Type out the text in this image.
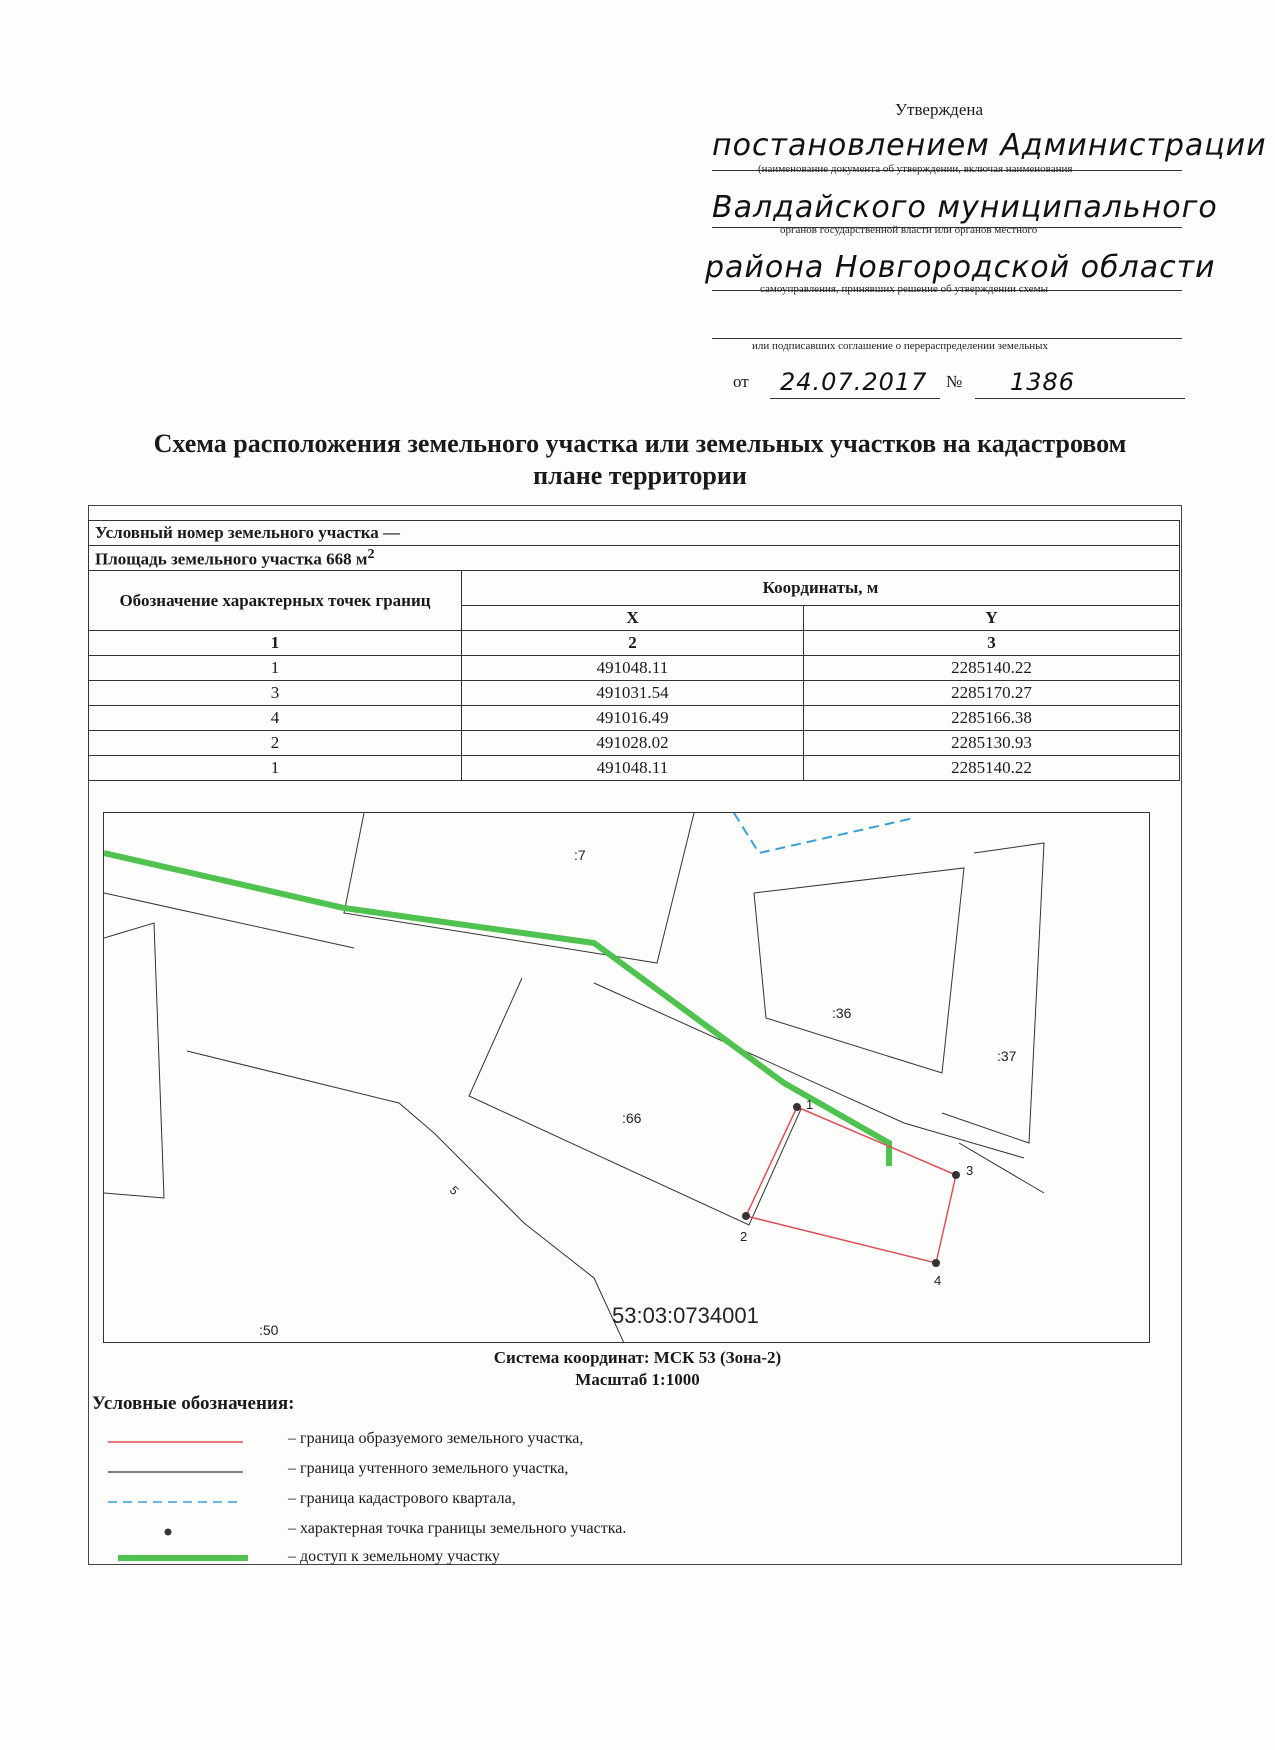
Утверждена
постановлением Администрации
(наименование документа об утверждении, включая наименования
Валдайского муниципального
органов государственной власти или органов местного
района Новгородской области
самоуправления, принявших решение об утверждении схемы
или подписавших соглашение о перераспределении земельных
от 24.07.2017 № 1386
Схема расположения земельного участка или земельных участков на кадастровом плане территории
Условный номер земельного участка —		
Площадь земельного участка 668 $м^2$
Обозначение характерных точек границ	Координаты, м	
	X	Y
1	2	3
1	491048.11	2285140.22
3	491031.54	2285170.27
4	491016.49	2285166.38
2	491028.02	2285130.93
1	491048.11	2285140.22
:7
:36
:37
:66
:50
5
53:03:0734001
1
3
4
2
Система координат: МСК 53 (Зона-2)
Масштаб 1:1000
Условные обозначения:
– граница образуемого земельного участка,
– граница учтенного земельного участка,
– граница кадастрового квартала,
– характерная точка границы земельного участка.
– доступ к земельному участку
